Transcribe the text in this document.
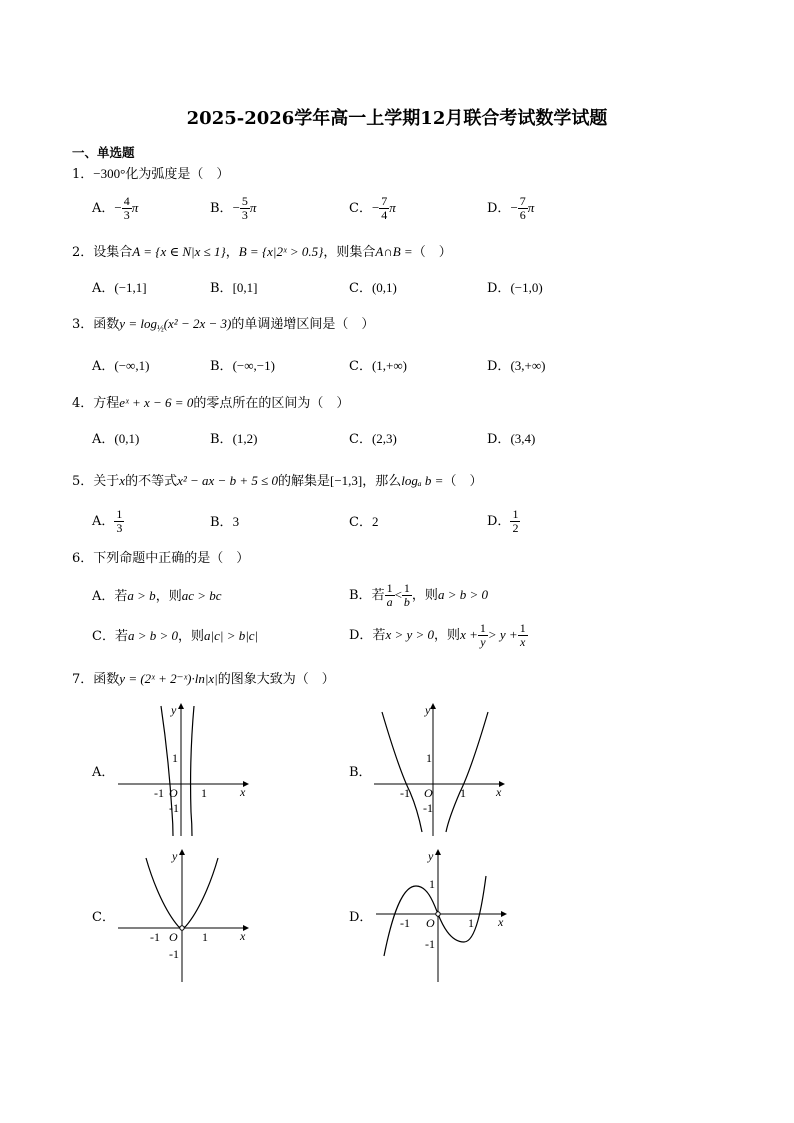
2025-2026学年高一上学期12月联合考试数学试题
一、单选题
1．−300°化为弧度是（　）
A．− $\frac{4}{3}$ π	B．− $\frac{5}{3}$ π	C．− $\frac{7}{4}$ π	D．− $\frac{7}{6}$ π
2．设集合A = {x ∈ N|x ≤ 1}，B = {x|2ˣ > 0.5}，则集合A∩B =（　）
A．(−1,1]	B．[0,1]	C．(0,1)	D．(−1,0)
3．函数$y = \log_{\frac{1}{2}}(x^2 - 2x - 3)$的单调递增区间是（　）
A．(−∞,1)	B．(−∞,−1)	C．(1,+∞)	D．(3,+∞)
4．方程eˣ + x − 6 = 0的零点所在的区间为（　）
A．(0,1)	B．(1,2)	C．(2,3)	D．(3,4)
5．关于x的不等式x² − ax − b + 5 ≤ 0的解集是[−1,3]，那么logₐ b =（　）
A． $\frac{1}{3}$	B．3	C．2	D． $\frac{1}{2}$
6．下列命题中正确的是（　）
A．若a > b，则ac > bc	B．若 $\frac{1}{a} < \frac{1}{b}$ ，则a > b > 0
C．若a > b > 0，则a|c| > b|c|	D．若x > y > 0，则$x + \frac{1}{y} > y + \frac{1}{x}$
7．函数y = (2ˣ + 2⁻ˣ)·ln|x|的图象大致为（　）
A．	B．
C．	D．
y
x
O
1
1
-1
-1
y
x
O
1
1
-1
-1
y
x
O 1
-1
-1
y
x
O
1
1
-1
-1
